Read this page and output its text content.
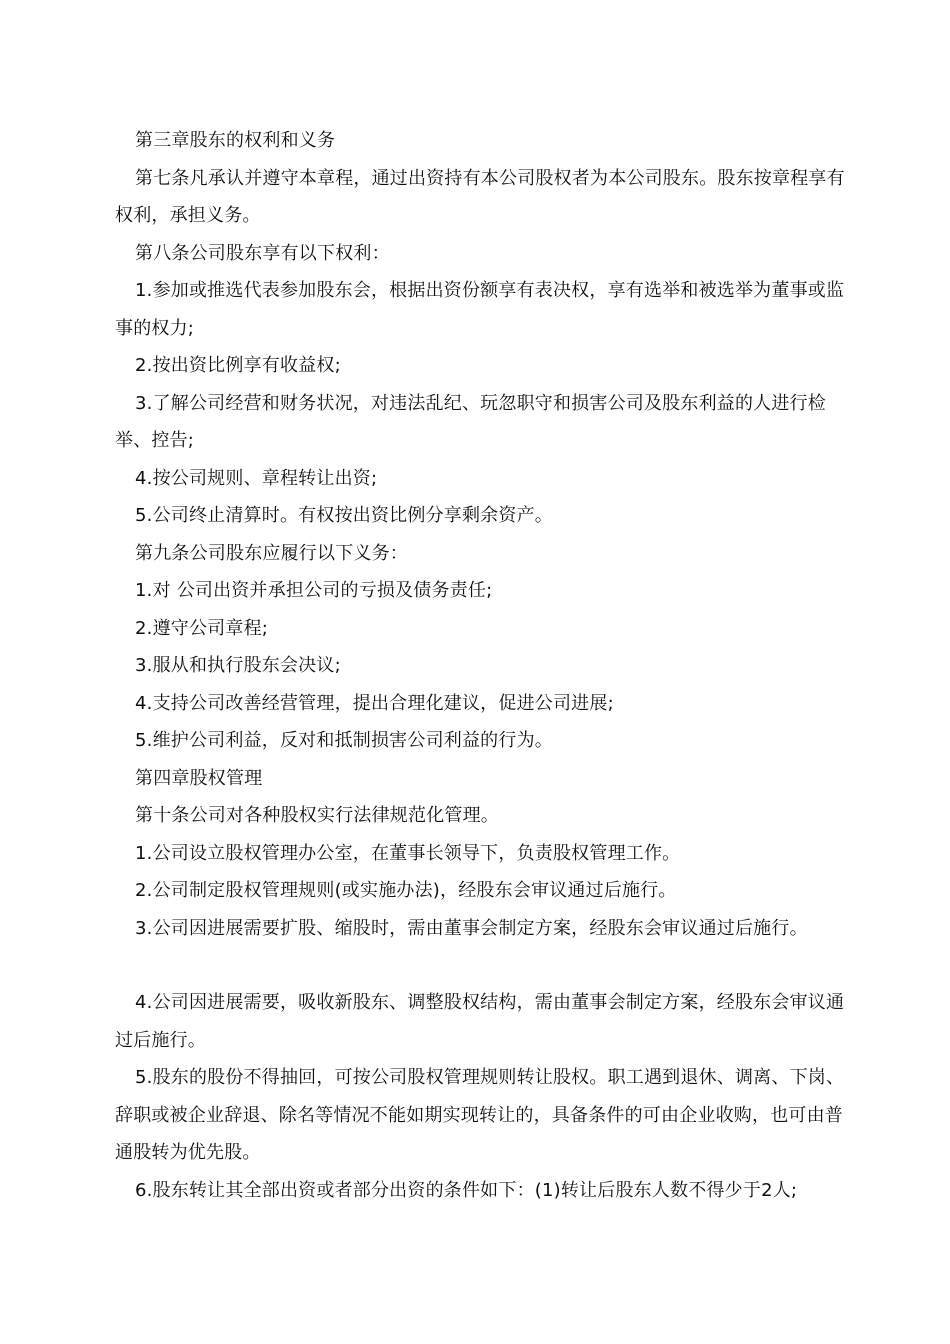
第三章股东的权利和义务

第七条凡承认并遵守本章程，通过出资持有本公司股权者为本公司股东。股东按章程享有权利，承担义务。

第八条公司股东享有以下权利：

1.参加或推选代表参加股东会，根据出资份额享有表决权，享有选举和被选举为董事或监事的权力;

2.按出资比例享有收益权;

3.了解公司经营和财务状况，对违法乱纪、玩忽职守和损害公司及股东利益的人进行检举、控告;

4.按公司规则、章程转让出资;

5.公司终止清算时。有权按出资比例分享剩余资产。

第九条公司股东应履行以下义务：

1.对 公司出资并承担公司的亏损及债务责任;

2.遵守公司章程;

3.服从和执行股东会决议;

4.支持公司改善经营管理，提出合理化建议，促进公司进展;

5.维护公司利益，反对和抵制损害公司利益的行为。

第四章股权管理

第十条公司对各种股权实行法律规范化管理。

1.公司设立股权管理办公室，在董事长领导下，负责股权管理工作。

2.公司制定股权管理规则(或实施办法)，经股东会审议通过后施行。

3.公司因进展需要扩股、缩股时，需由董事会制定方案，经股东会审议通过后施行。

4.公司因进展需要，吸收新股东、调整股权结构，需由董事会制定方案，经股东会审议通过后施行。

5.股东的股份不得抽回，可按公司股权管理规则转让股权。职工遇到退休、调离、下岗、辞职或被企业辞退、除名等情况不能如期实现转让的，具备条件的可由企业收购，也可由普通股转为优先股。

6.股东转让其全部出资或者部分出资的条件如下：(1)转让后股东人数不得少于2人;
